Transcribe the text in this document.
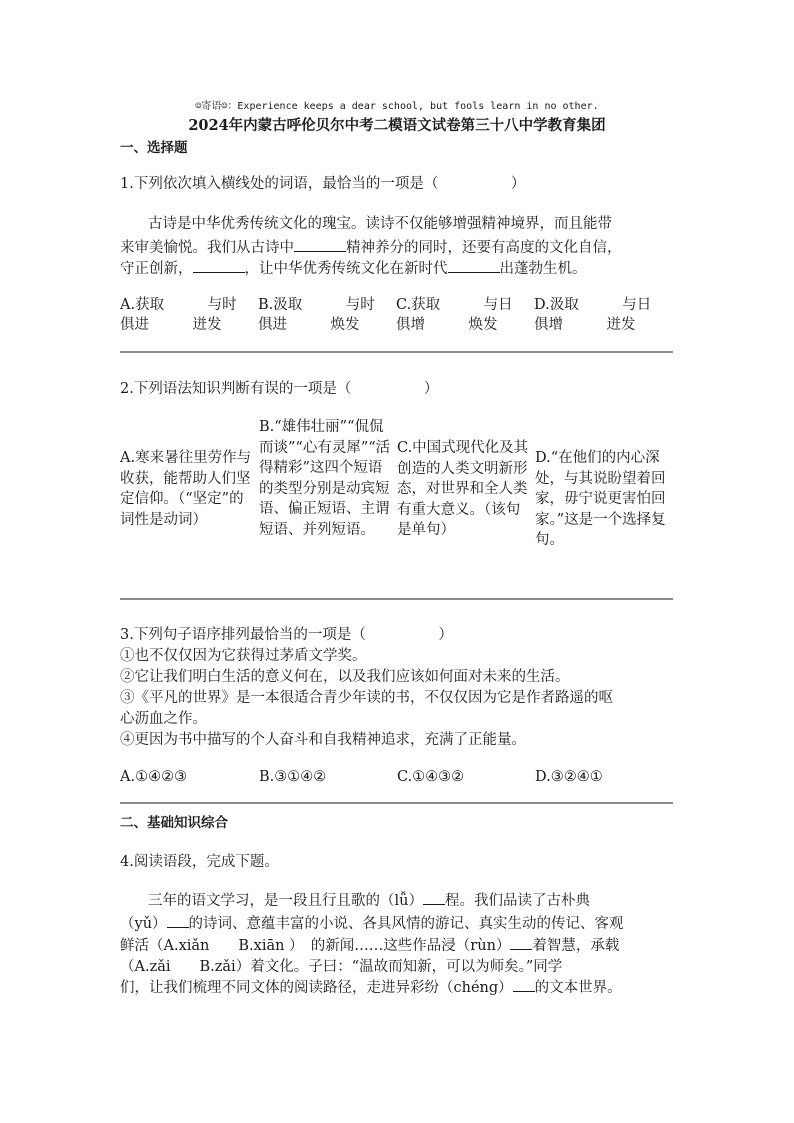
☺寄语☺：Experience keeps a dear school, but fools learn in no other.
2024年内蒙古呼伦贝尔中考二模语文试卷第三十八中学教育集团
一、选择题
1.下列依次填入横线处的词语，最恰当的一项是（　　　　　）
古诗是中华优秀传统文化的瑰宝。读诗不仅能够增强精神境界，而且能带
来审美愉悦。我们从古诗中	精神养分的同时，还要有高度的文化自信，
守正创新，	，让中华优秀传统文化在新时代	出蓬勃生机。
A.获取　　　与时
俱进　　　迸发
B.汲取　　　与时
俱进　　　焕发
C.获取　　　与日
俱增　　　焕发
D.汲取　　　与日
俱增　　　迸发
2.下列语法知识判断有误的一项是（　　　　　）
A.寒来暑往里劳作与收获，能帮助人们坚定信仰。（“坚定”的词性是动词）
B.“雄伟壮丽”“侃侃而谈”“心有灵犀”“活得精彩”这四个短语的类型分别是动宾短语、偏正短语、主谓短语、并列短语。
C.中国式现代化及其创造的人类文明新形态，对世界和全人类有重大意义。（该句是单句）
D.“在他们的内心深处，与其说盼望着回家，毋宁说更害怕回家。”这是一个选择复句。
3.下列句子语序排列最恰当的一项是（　　　　　）
①也不仅仅因为它获得过茅盾文学奖。
②它让我们明白生活的意义何在，以及我们应该如何面对未来的生活。
③《平凡的世界》是一本很适合青少年读的书，不仅仅因为它是作者路遥的呕
心沥血之作。
④更因为书中描写的个人奋斗和自我精神追求，充满了正能量。
A.①④②③	B.③①④②	C.①④③②	D.③②④①
二、基础知识综合
4.阅读语段，完成下题。
三年的语文学习，是一段且行且歌的（lǚ） 程。我们品读了古朴典
（yǔ） 的诗词、意蕴丰富的小说、各具风情的游记、真实生动的传记、客观
鲜活（A.xiǎn　　B.xiān ）　的新闻……这些作品浸（rùn） 着智慧，承载
（A.zǎi　　B.zǎi）着文化。子曰：“温故而知新，可以为师矣。”同学
们，让我们梳理不同文体的阅读路径，走进异彩纷（chéng） 的文本世界。
